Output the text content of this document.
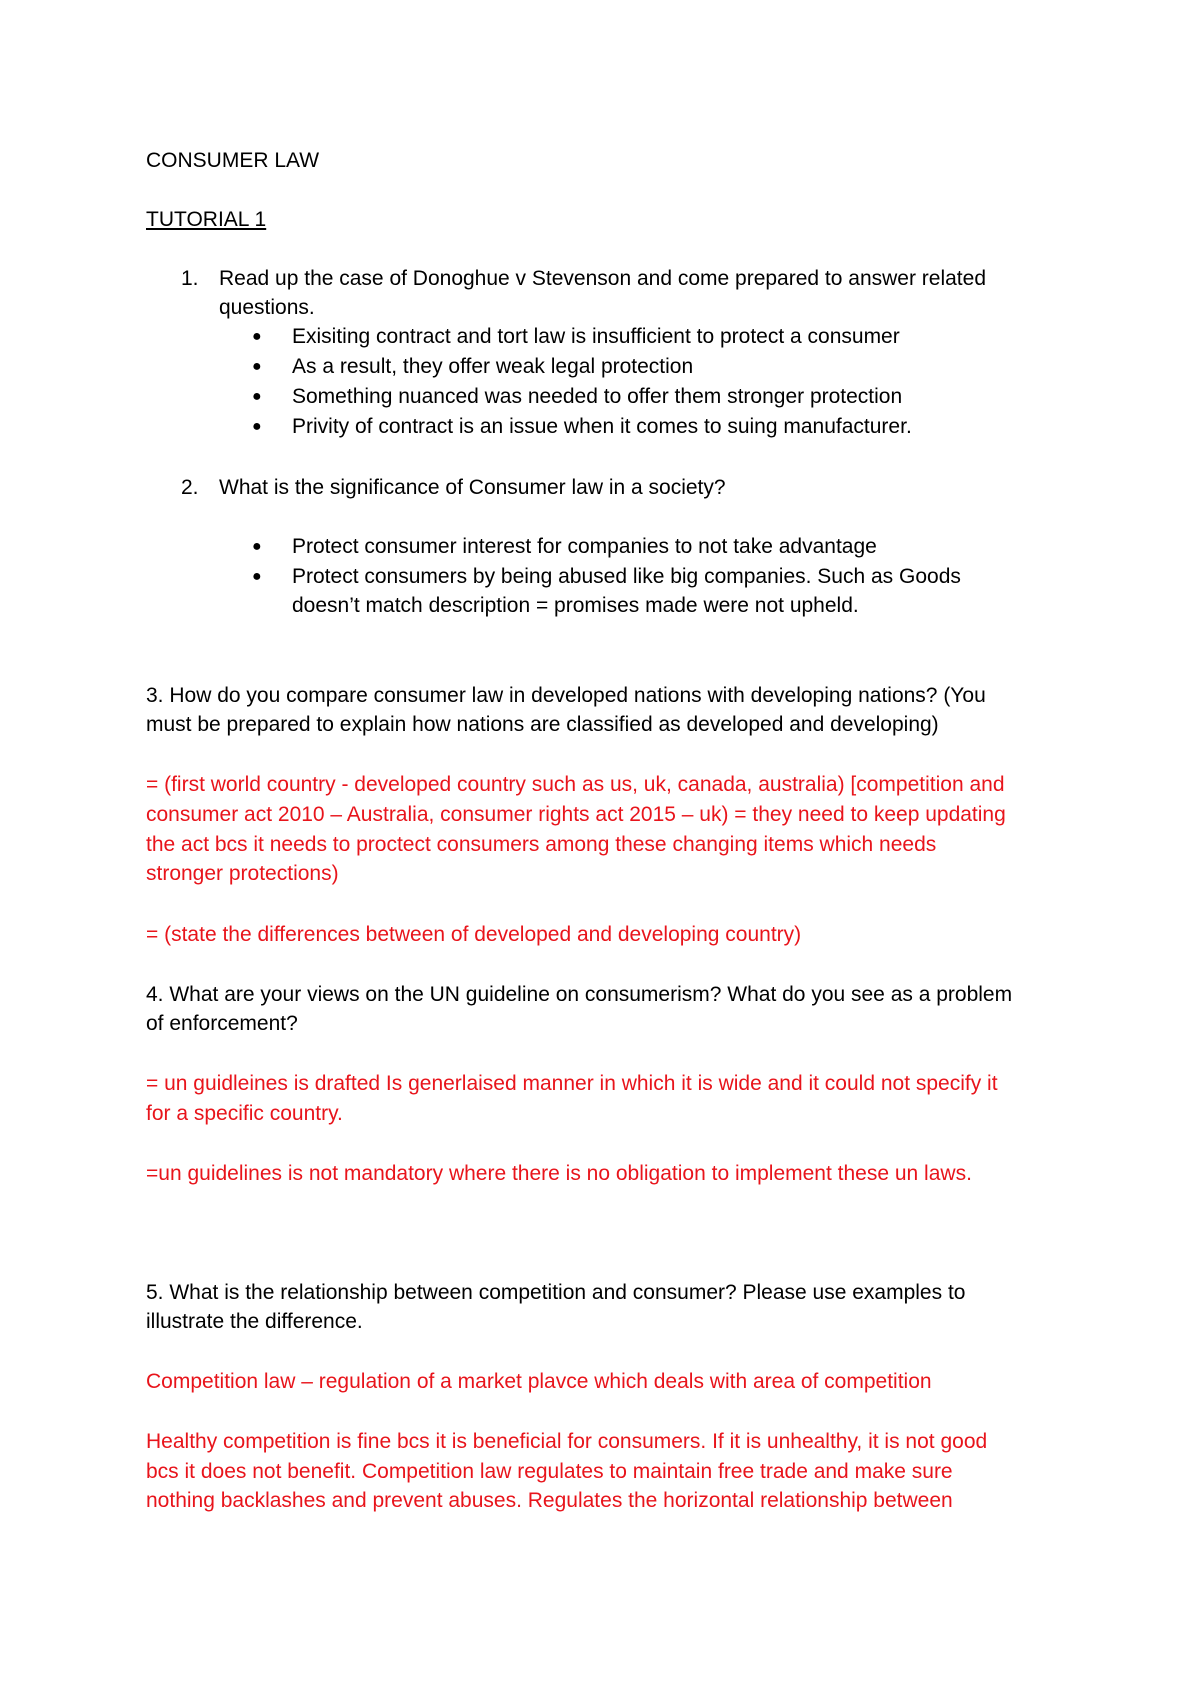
CONSUMER LAW
TUTORIAL 1
1. Read up the case of Donoghue v Stevenson and come prepared to answer related
questions.
● Exisiting contract and tort law is insufficient to protect a consumer
● As a result, they offer weak legal protection
● Something nuanced was needed to offer them stronger protection
● Privity of contract is an issue when it comes to suing manufacturer.
2. What is the significance of Consumer law in a society?
● Protect consumer interest for companies to not take advantage
● Protect consumers by being abused like big companies. Such as Goods
doesn’t match description = promises made were not upheld.
3. How do you compare consumer law in developed nations with developing nations? (You
must be prepared to explain how nations are classified as developed and developing)
= (first world country - developed country such as us, uk, canada, australia) [competition and
consumer act 2010 – Australia, consumer rights act 2015 – uk) = they need to keep updating
the act bcs it needs to proctect consumers among these changing items which needs
stronger protections)
= (state the differences between of developed and developing country)
4. What are your views on the UN guideline on consumerism? What do you see as a problem
of enforcement?
= un guidleines is drafted Is generlaised manner in which it is wide and it could not specify it
for a specific country.
=un guidelines is not mandatory where there is no obligation to implement these un laws.
5. What is the relationship between competition and consumer? Please use examples to
illustrate the difference.
Competition law – regulation of a market plavce which deals with area of competition
Healthy competition is fine bcs it is beneficial for consumers. If it is unhealthy, it is not good
bcs it does not benefit. Competition law regulates to maintain free trade and make sure
nothing backlashes and prevent abuses. Regulates the horizontal relationship between
